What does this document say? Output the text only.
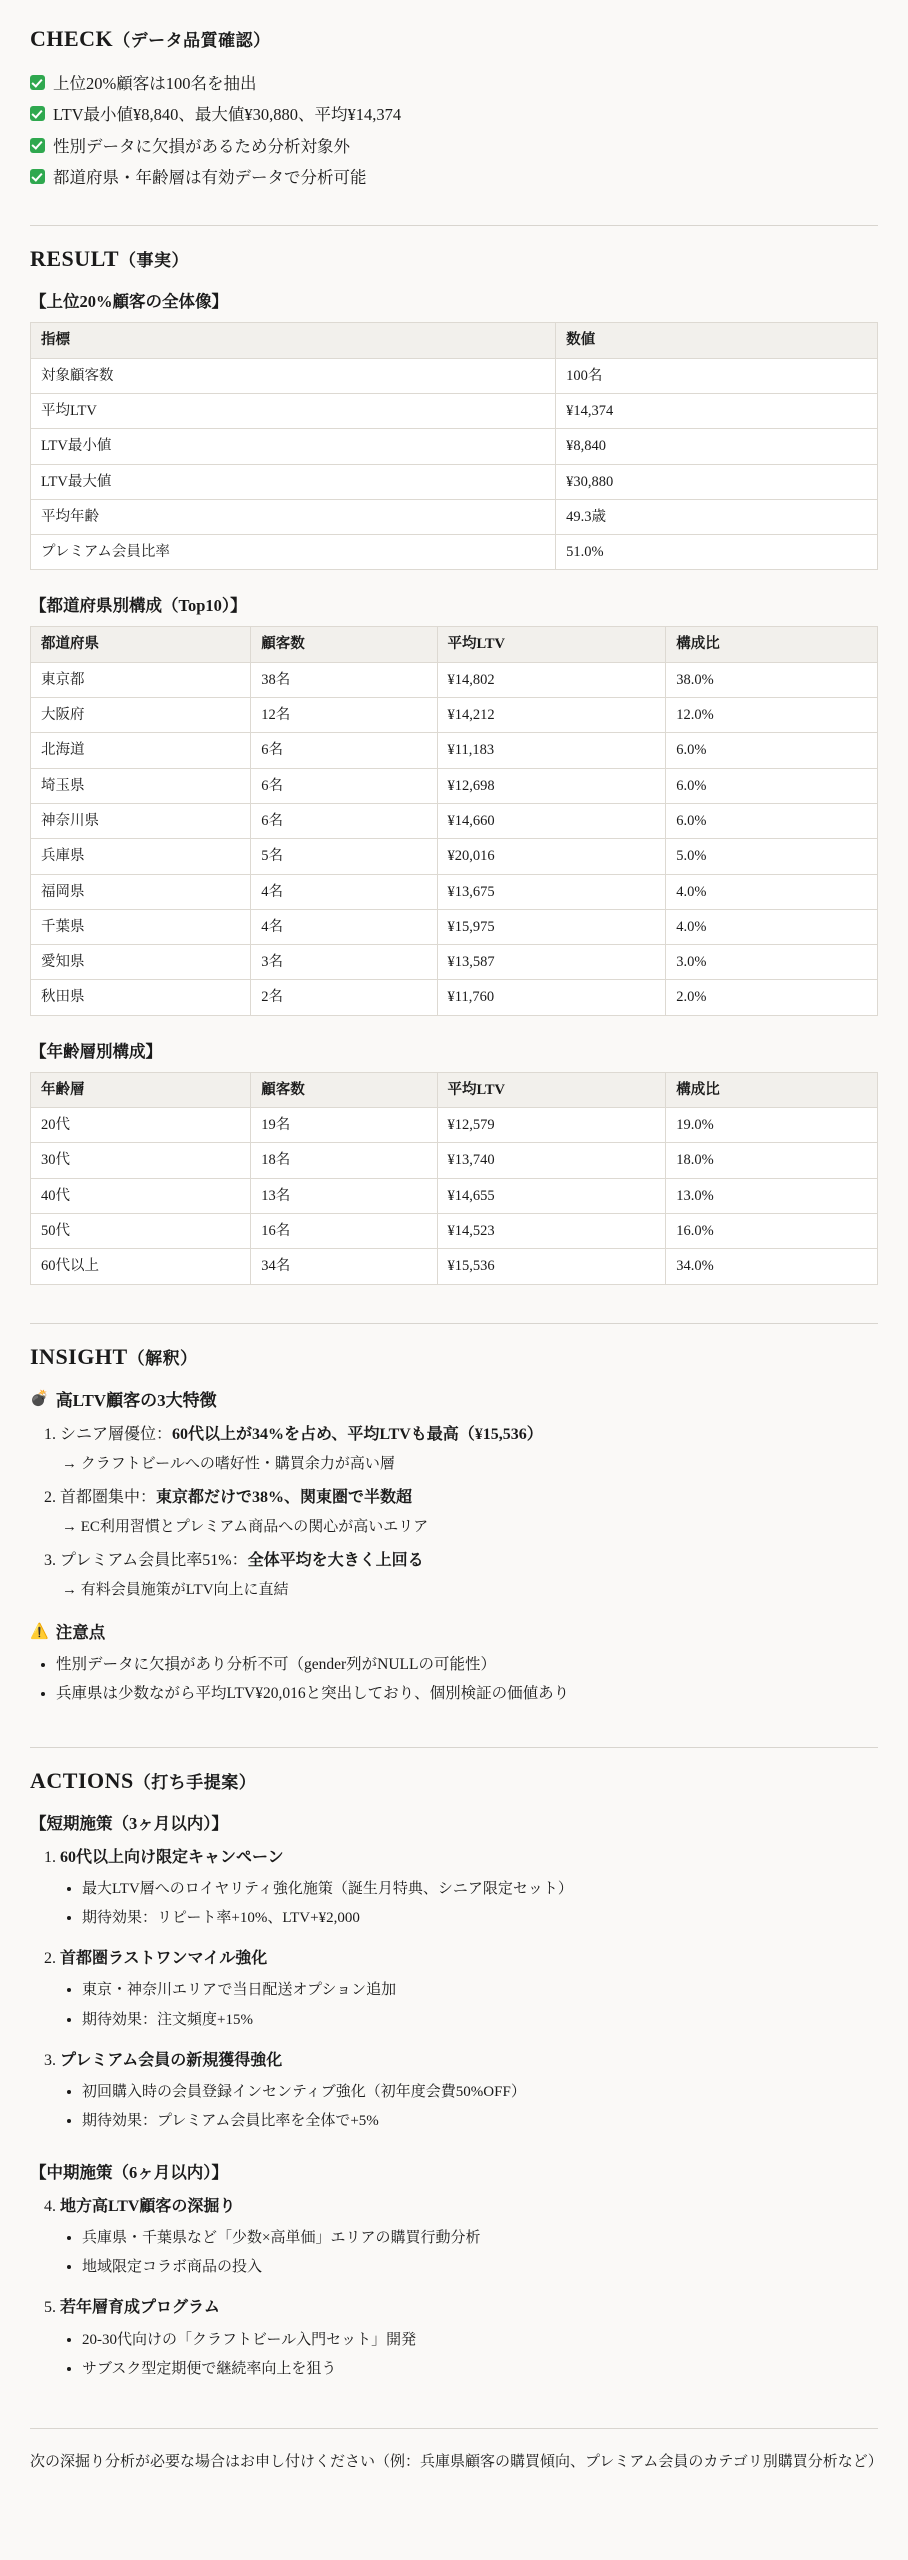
CHECK（データ品質確認）
上位20%顧客は100名を抽出
LTV最小値¥8,840、最大値¥30,880、平均¥14,374
性別データに欠損があるため分析対象外
都道府県・年齢層は有効データで分析可能
RESULT（事実）
【上位20%顧客の全体像】
指標	数値
対象顧客数	100名
平均LTV	¥14,374
LTV最小値	¥8,840
LTV最大値	¥30,880
平均年齢	49.3歳
プレミアム会員比率	51.0%
【都道府県別構成（Top10）】
都道府県	顧客数	平均LTV	構成比
東京都	38名	¥14,802	38.0%
大阪府	12名	¥14,212	12.0%
北海道	6名	¥11,183	6.0%
埼玉県	6名	¥12,698	6.0%
神奈川県	6名	¥14,660	6.0%
兵庫県	5名	¥20,016	5.0%
福岡県	4名	¥13,675	4.0%
千葉県	4名	¥15,975	4.0%
愛知県	3名	¥13,587	3.0%
秋田県	2名	¥11,760	2.0%
【年齢層別構成】
年齢層	顧客数	平均LTV	構成比
20代	19名	¥12,579	19.0%
30代	18名	¥13,740	18.0%
40代	13名	¥14,655	13.0%
50代	16名	¥14,523	16.0%
60代以上	34名	¥15,536	34.0%
INSIGHT（解釈）
💣 高LTV顧客の3大特徴
1. シニア層優位：60代以上が34%を占め、平均LTVも最高（¥15,536）
→ クラフトビールへの嗜好性・購買余力が高い層
2. 首都圏集中：東京都だけで38%、関東圏で半数超
→ EC利用習慣とプレミアム商品への関心が高いエリア
3. プレミアム会員比率51%：全体平均を大きく上回る
→ 有料会員施策がLTV向上に直結
⚠️ 注意点
• 性別データに欠損があり分析不可（gender列がNULLの可能性）
• 兵庫県は少数ながら平均LTV¥20,016と突出しており、個別検証の価値あり
ACTIONS（打ち手提案）
【短期施策（3ヶ月以内）】
1. 60代以上向け限定キャンペーン
• 最大LTV層へのロイヤリティ強化施策（誕生月特典、シニア限定セット）
• 期待効果：リピート率+10%、LTV+¥2,000
2. 首都圏ラストワンマイル強化
• 東京・神奈川エリアで当日配送オプション追加
• 期待効果：注文頻度+15%
3. プレミアム会員の新規獲得強化
• 初回購入時の会員登録インセンティブ強化（初年度会費50%OFF）
• 期待効果：プレミアム会員比率を全体で+5%
【中期施策（6ヶ月以内）】
4. 地方高LTV顧客の深掘り
• 兵庫県・千葉県など「少数×高単価」エリアの購買行動分析
• 地域限定コラボ商品の投入
5. 若年層育成プログラム
• 20-30代向けの「クラフトビール入門セット」開発
• サブスク型定期便で継続率向上を狙う
次の深掘り分析が必要な場合はお申し付けください（例：兵庫県顧客の購買傾向、プレミアム会員のカテゴリ別購買分析など）
